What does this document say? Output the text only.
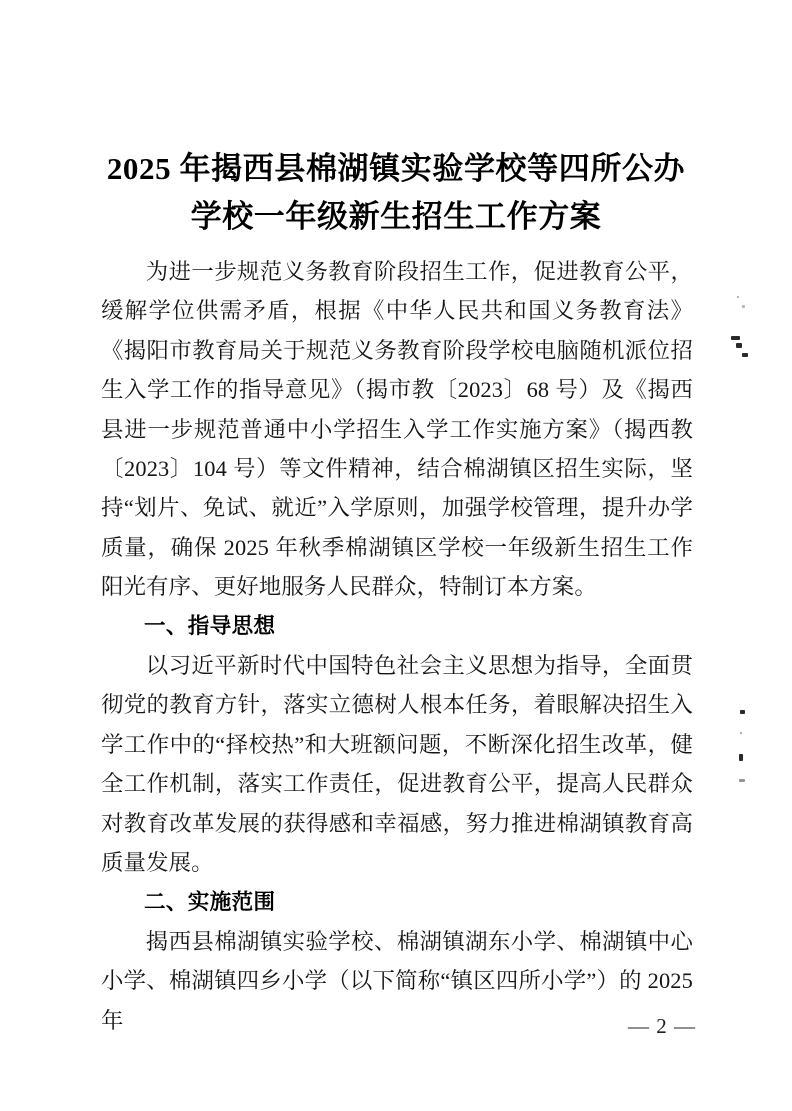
2025 年揭西县棉湖镇实验学校等四所公办
学校一年级新生招生工作方案

为进一步规范义务教育阶段招生工作，促进教育公平，缓解学位供需矛盾，根据《中华人民共和国义务教育法》《揭阳市教育局关于规范义务教育阶段学校电脑随机派位招生入学工作的指导意见》（揭市教〔2023〕68 号）及《揭西县进一步规范普通中小学招生入学工作实施方案》（揭西教〔2023〕104 号）等文件精神，结合棉湖镇区招生实际，坚持“划片、免试、就近”入学原则，加强学校管理，提升办学质量，确保 2025 年秋季棉湖镇区学校一年级新生招生工作阳光有序、更好地服务人民群众，特制订本方案。

一、指导思想

以习近平新时代中国特色社会主义思想为指导，全面贯彻党的教育方针，落实立德树人根本任务，着眼解决招生入学工作中的“择校热”和大班额问题，不断深化招生改革，健全工作机制，落实工作责任，促进教育公平，提高人民群众对教育改革发展的获得感和幸福感，努力推进棉湖镇教育高质量发展。

二、实施范围

揭西县棉湖镇实验学校、棉湖镇湖东小学、棉湖镇中心小学、棉湖镇四乡小学（以下简称“镇区四所小学”）的 2025 年	— 2 —
